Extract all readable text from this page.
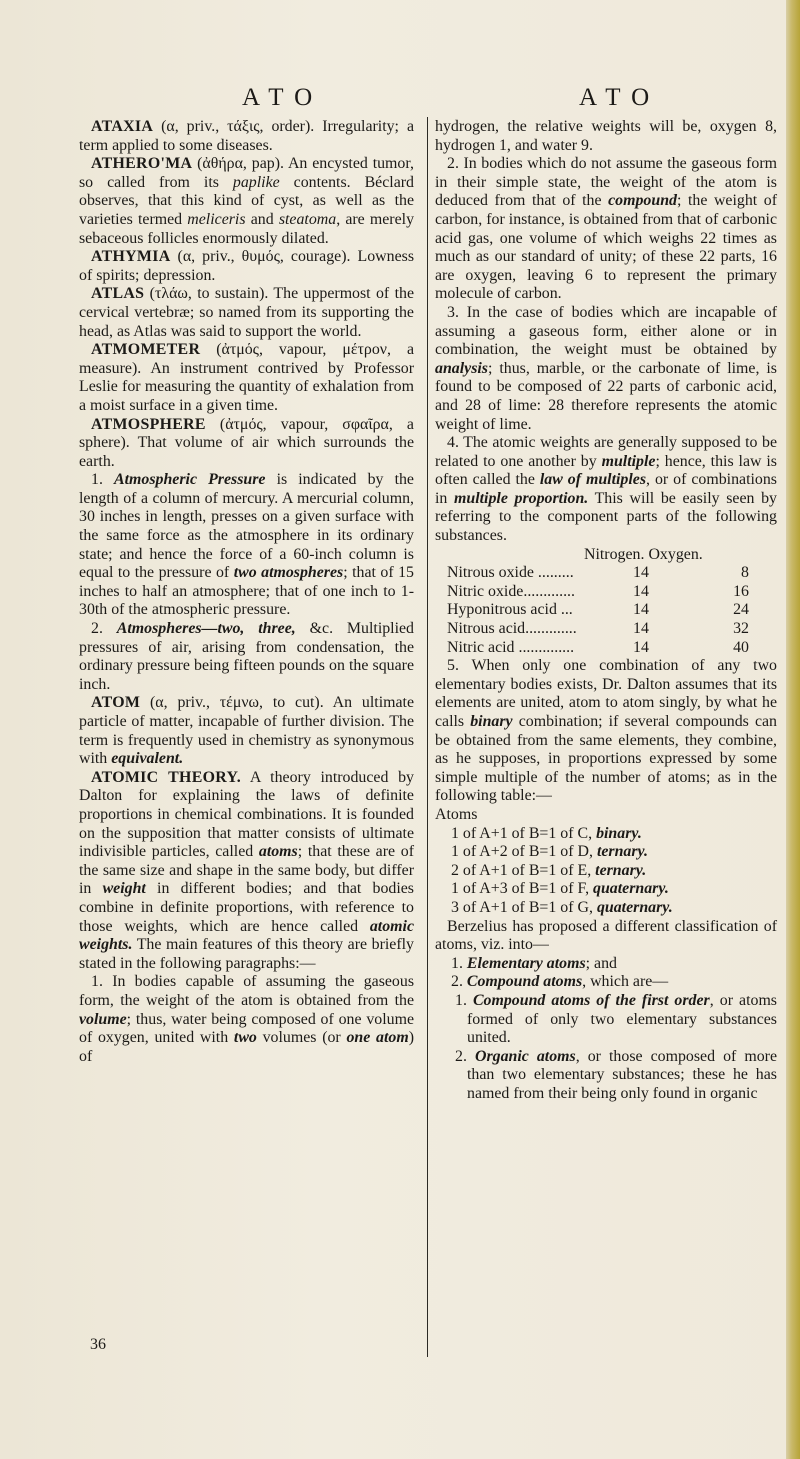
ATO	ATO

ATAXIA (α, priv., τάξις, order). Irregularity; a term applied to some diseases.

ATHERO'MA (ἀθήρα, pap). An encysted tumor, so called from its paplike contents. Béclard observes, that this kind of cyst, as well as the varieties termed meliceris and steatoma, are merely sebaceous follicles enormously dilated.

ATHYMIA (α, priv., θυμός, courage). Lowness of spirits; depression.

ATLAS (τλάω, to sustain). The uppermost of the cervical vertebræ; so named from its supporting the head, as Atlas was said to support the world.

ATMOMETER (ἀτμός, vapour, μέτρον, a measure). An instrument contrived by Professor Leslie for measuring the quantity of exhalation from a moist surface in a given time.

ATMOSPHERE (ἀτμός, vapour, σφαῖρα, a sphere). That volume of air which surrounds the earth.

1. Atmospheric Pressure is indicated by the length of a column of mercury. A mercurial column, 30 inches in length, presses on a given surface with the same force as the atmosphere in its ordinary state; and hence the force of a 60-inch column is equal to the pressure of two atmospheres; that of 15 inches to half an atmosphere; that of one inch to 1-30th of the atmospheric pressure.

2. Atmospheres—two, three, &c. Multiplied pressures of air, arising from condensation, the ordinary pressure being fifteen pounds on the square inch.

ATOM (α, priv., τέμνω, to cut). An ultimate particle of matter, incapable of further division. The term is frequently used in chemistry as synonymous with equivalent.

ATOMIC THEORY. A theory introduced by Dalton for explaining the laws of definite proportions in chemical combinations. It is founded on the supposition that matter consists of ultimate indivisible particles, called atoms; that these are of the same size and shape in the same body, but differ in weight in different bodies; and that bodies combine in definite proportions, with reference to those weights, which are hence called atomic weights. The main features of this theory are briefly stated in the following paragraphs:—

1. In bodies capable of assuming the gaseous form, the weight of the atom is obtained from the volume; thus, water being composed of one volume of oxygen, united with two volumes (or one atom) of

36

hydrogen, the relative weights will be, oxygen 8, hydrogen 1, and water 9.

2. In bodies which do not assume the gaseous form in their simple state, the weight of the atom is deduced from that of the compound; the weight of carbon, for instance, is obtained from that of carbonic acid gas, one volume of which weighs 22 times as much as our standard of unity; of these 22 parts, 16 are oxygen, leaving 6 to represent the primary molecule of carbon.

3. In the case of bodies which are incapable of assuming a gaseous form, either alone or in combination, the weight must be obtained by analysis; thus, marble, or the carbonate of lime, is found to be composed of 22 parts of carbonic acid, and 28 of lime: 28 therefore represents the atomic weight of lime.

4. The atomic weights are generally supposed to be related to one another by multiple; hence, this law is often called the law of multiples, or of combinations in multiple proportion. This will be easily seen by referring to the component parts of the following substances.

Nitrogen. Oxygen.
Nitrous oxide .........	14	8
Nitric oxide.............	14	16
Hyponitrous acid ...	14	24
Nitrous acid.............	14	32
Nitric acid ..............	14	40

5. When only one combination of any two elementary bodies exists, Dr. Dalton assumes that its elements are united, atom to atom singly, by what he calls binary combination; if several compounds can be obtained from the same elements, they combine, as he supposes, in proportions expressed by some simple multiple of the number of atoms; as in the following table:—

Atoms

1 of A+1 of B=1 of C, binary.

1 of A+2 of B=1 of D, ternary.

2 of A+1 of B=1 of E, ternary.

1 of A+3 of B=1 of F, quaternary.

3 of A+1 of B=1 of G, quaternary.

Berzelius has proposed a different classification of atoms, viz. into—

1. Elementary atoms; and

2. Compound atoms, which are—

1. Compound atoms of the first order, or atoms formed of only two elementary substances united.

2. Organic atoms, or those composed of more than two elementary substances; these he has named from their being only found in organic
